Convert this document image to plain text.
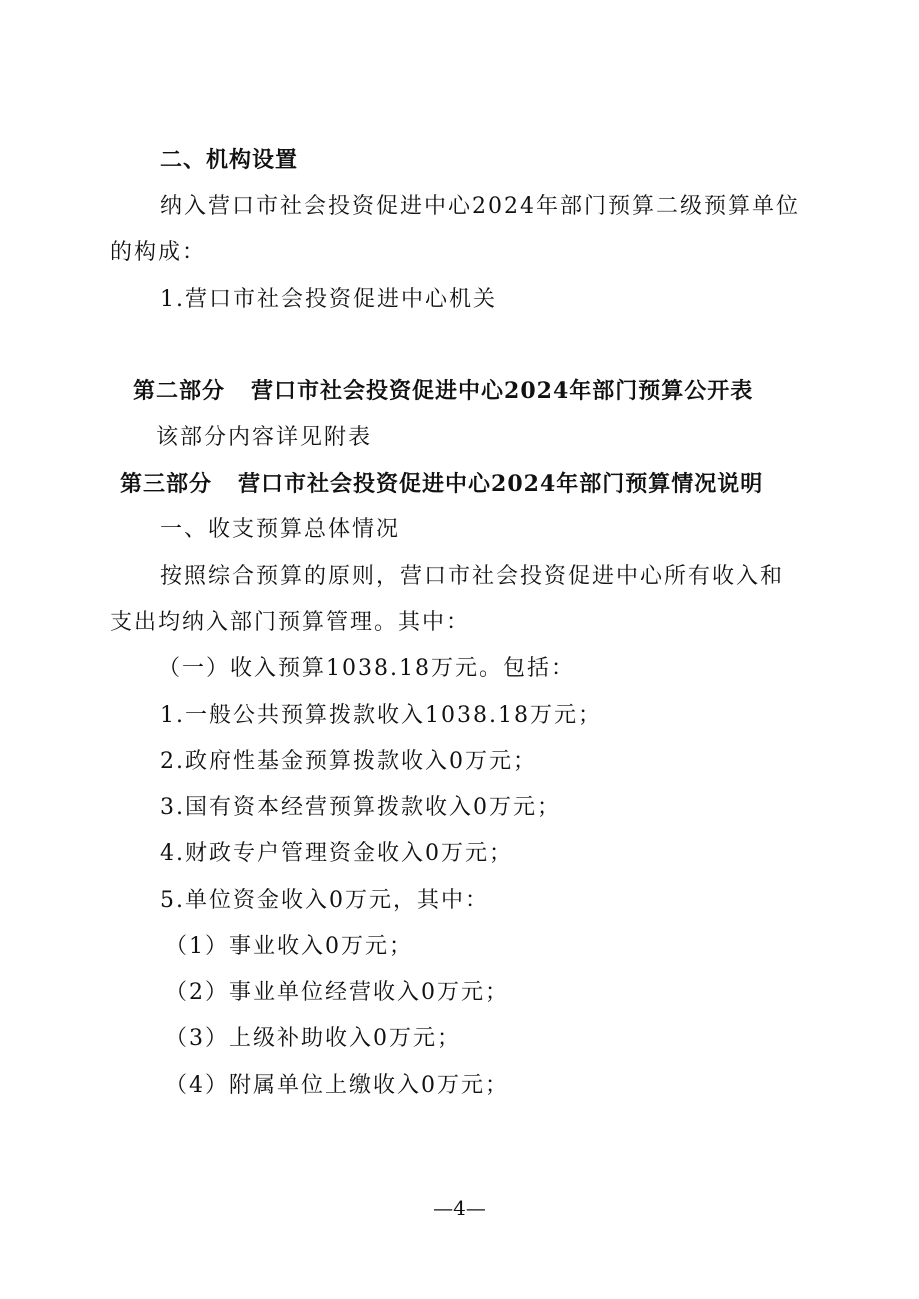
二、机构设置
纳入营口市社会投资促进中心2024年部门预算二级预算单位
的构成：
1.营口市社会投资促进中心机关
第二部分 营口市社会投资促进中心2024年部门预算公开表
该部分内容详见附表
第三部分 营口市社会投资促进中心2024年部门预算情况说明
一、收支预算总体情况
按照综合预算的原则，营口市社会投资促进中心所有收入和
支出均纳入部门预算管理。其中：
（一）收入预算1038.18万元。包括：
1.一般公共预算拨款收入1038.18万元；
2.政府性基金预算拨款收入0万元；
3.国有资本经营预算拨款收入0万元；
4.财政专户管理资金收入0万元；
5.单位资金收入0万元，其中：
（1）事业收入0万元；
（2）事业单位经营收入0万元；
（3）上级补助收入0万元；
（4）附属单位上缴收入0万元；
—4—
